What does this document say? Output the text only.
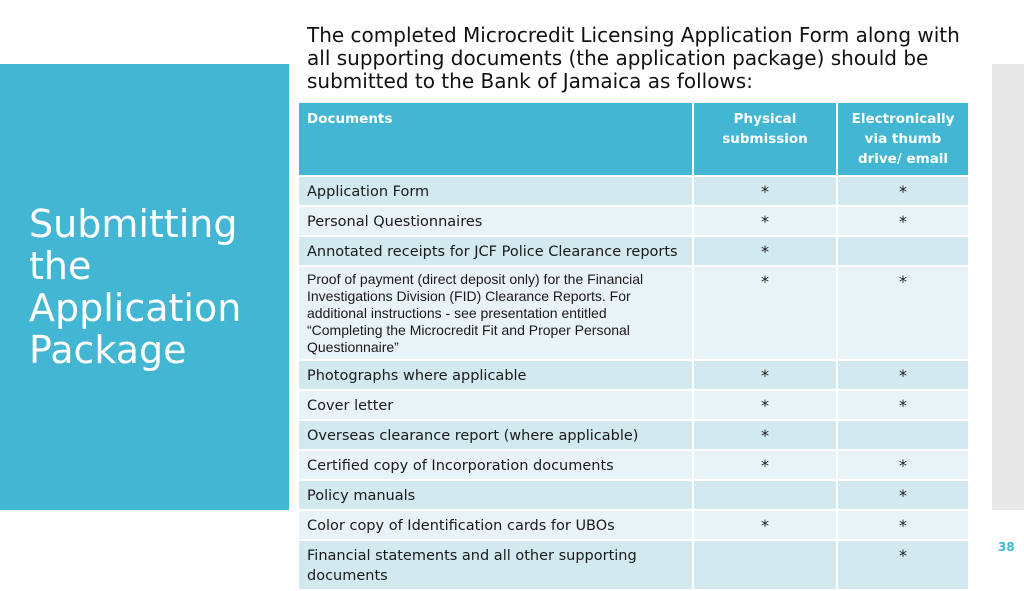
Submitting
the
Application
Package

The completed Microcredit Licensing Application Form along with all supporting documents (the application package) should be submitted to the Bank of Jamaica as follows:

Documents	Physical submission	Electronically via thumb drive/ email
Application Form	*	*
Personal Questionnaires	*	*
Annotated receipts for JCF Police Clearance reports	*	
Proof of payment (direct deposit only) for the Financial Investigations Division (FID) Clearance Reports. For additional instructions - see presentation entitled “Completing the Microcredit Fit and Proper Personal Questionnaire”	*	*
Photographs where applicable	*	*
Cover letter	*	*
Overseas clearance report (where applicable)	*	
Certified copy of Incorporation documents	*	*
Policy manuals		*
Color copy of Identification cards for UBOs	*	*
Financial statements and all other supporting documents		*	38
